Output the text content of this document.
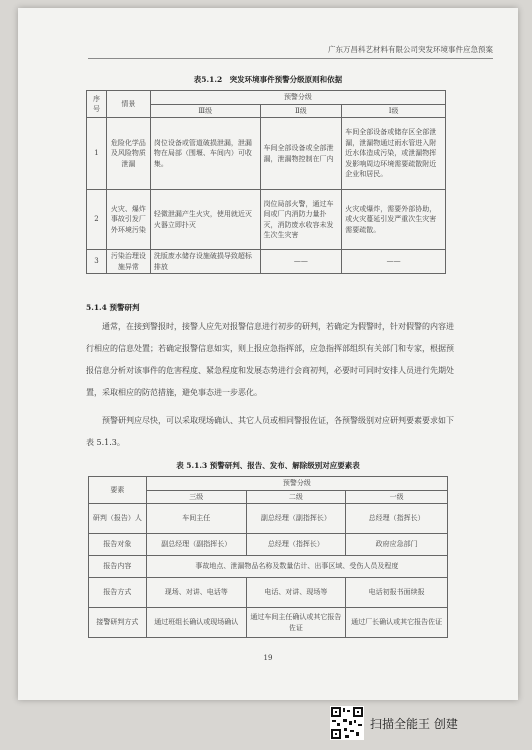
广东万昌科艺材料有限公司突发环境事件应急预案
表5.1.2　突发环境事件预警分级原则和依据
序号	情景	预警分级		
		Ⅲ级	Ⅱ级	Ⅰ级
1	危险化学品及风险物质泄漏	岗位设备或管道破损泄漏，泄漏物在局部（围堰、车间内）可收集。	车间全部设备或全部泄漏，泄漏物控制在厂内	车间全部设备或储存区全部泄漏，泄漏物通过雨水管进入附近水体造成污染，或泄漏物挥发影响周边环境需要疏散附近企业和居民。
2	火灾、爆炸事故引发厂外环境污染	轻微泄漏产生火灾，使用就近灭火器立即扑灭	岗位局部火警，通过车间或厂内消防力量扑灭，消防废水收容未发生次生灾害	火灾或爆炸，需要外部协助，或火灾蔓延引发严重次生灾害需要疏散。
3	污染治理设施异常	洗版废水储存设施破损导致超标排放	——	——
5.1.4 预警研判
通常，在接到警报时，接警人应先对报警信息进行初步的研判，若确定为假警时，针对假警的内容进行相应的信息处置；若确定报警信息如实，则上报应急指挥部，应急指挥部组织有关部门和专家，根据预报信息分析对该事件的危害程度、紧急程度和发展态势进行会商初判，必要时可同时安排人员进行先期处置，采取相应的防范措施，避免事态进一步恶化。
预警研判应尽快，可以采取现场确认、其它人员或相同警报佐证，各预警级别对应研判要素要求如下表 5.1.3。
表 5.1.3 预警研判、报告、发布、解除级别对应要素表
要素	预警分级		
	三级	二级	一级
研判（报告）人	车间主任	副总经理（副指挥长）	总经理（指挥长）
报告对象	副总经理（副指挥长）	总经理（指挥长）	政府应急部门
报告内容	事故地点、泄漏物品名称及数量估计、出事区域、受伤人员及程度		
报告方式	现场、对讲、电话等	电话、对讲、现场等	电话初报书面续报
接警研判方式	通过班组长确认或现场确认	通过车间主任确认或其它报告佐证	通过厂长确认或其它报告佐证
19
扫描全能王 创建
